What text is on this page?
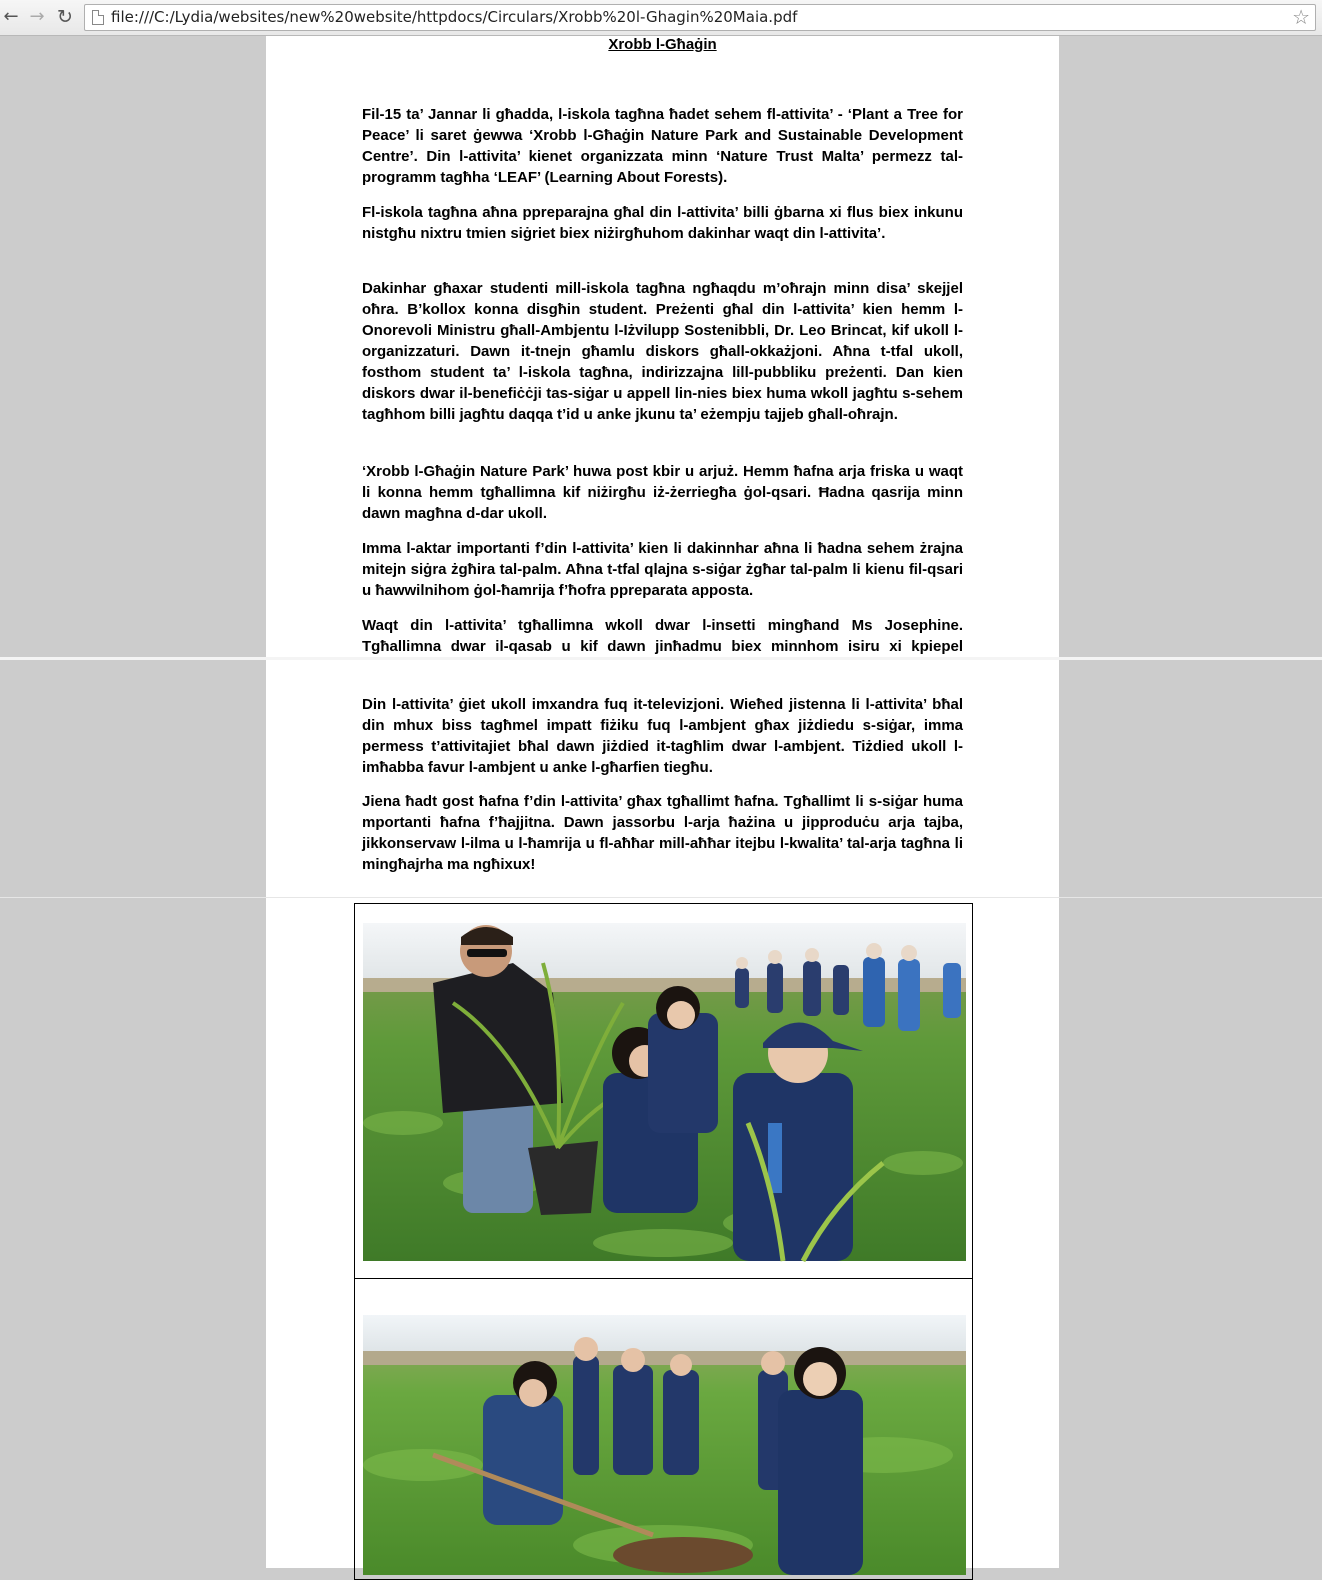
← → ↻	file:///C:/Lydia/websites/new%20website/httpdocs/Circulars/Xrobb%20l-Ghagin%20Maia.pdf	☆
Xrobb l-Għaġin

Fil-15 ta’ Jannar li għadda, l-iskola tagħna ħadet sehem fl-attivita’ - ‘Plant a Tree for Peace’ li saret ġewwa ‘Xrobb l-Għaġin Nature Park and Sustainable Development Centre’. Din l-attivita’ kienet organizzata minn ‘Nature Trust Malta’ permezz tal-programm tagħha ‘LEAF’ (Learning About Forests).

Fl-iskola tagħna aħna ppreparajna għal din l-attivita’ billi ġbarna xi flus biex inkunu nistgħu nixtru tmien siġriet biex niżirgħuhom dakinhar waqt din l-attivita’.

Dakinhar għaxar studenti mill-iskola tagħna ngħaqdu m’oħrajn minn disa’ skejjel oħra. B’kollox konna disgħin student. Preżenti għal din l-attivita’ kien hemm l-Onorevoli Ministru għall-Ambjentu l-Iżvilupp Sostenibbli, Dr. Leo Brincat, kif ukoll l-organizzaturi. Dawn it-tnejn għamlu diskors għall-okkażjoni. Aħna t-tfal ukoll, fosthom student ta’ l-iskola tagħna, indirizzajna lill-pubbliku preżenti. Dan kien diskors dwar il-benefiċċji tas-siġar u appell lin-nies biex huma wkoll jagħtu s-sehem tagħhom billi jagħtu daqqa t’id u anke jkunu ta’ eżempju tajjeb għall-oħrajn.

‘Xrobb l-Għaġin Nature Park’ huwa post kbir u arjuż. Hemm ħafna arja friska u waqt li konna hemm tgħallimna kif niżirgħu iż-żerriegħa ġol-qsari. Ħadna qasrija minn dawn magħna d-dar ukoll.

Imma l-aktar importanti f’din l-attivita’ kien li dakinnhar aħna li ħadna sehem żrajna mitejn siġra żgħira tal-palm. Aħna t-tfal qlajna s-siġar żgħar tal-palm li kienu fil-qsari u ħawwilnihom ġol-ħamrija f’ħofra ppreparata apposta.

Waqt din l-attivita’ tgħallimna wkoll dwar l-insetti mingħand Ms Josephine. Tgħallimna dwar il-qasab u kif dawn jinħadmu biex minnhom isiru xi kpiepel

Din l-attivita’ ġiet ukoll imxandra fuq it-televizjoni. Wieħed jistenna li l-attivita’ bħal din mhux biss tagħmel impatt fiżiku fuq l-ambjent għax jiżdiedu s-siġar, imma permess t’attivitajiet bħal dawn jiżdied it-tagħlim dwar l-ambjent. Tiżdied ukoll l-imħabba favur l-ambjent u anke l-għarfien tiegħu.

Jiena ħadt gost ħafna f’din l-attivita’ għax tgħallimt ħafna. Tgħallimt li s-siġar huma mportanti ħafna f’ħajjitna. Dawn jassorbu l-arja ħażina u jipproduċu arja tajba, jikkonservaw l-ilma u l-ħamrija u fl-aħħar mill-aħħar itejbu l-kwalita’ tal-arja tagħna li mingħajrha ma ngħixux!
